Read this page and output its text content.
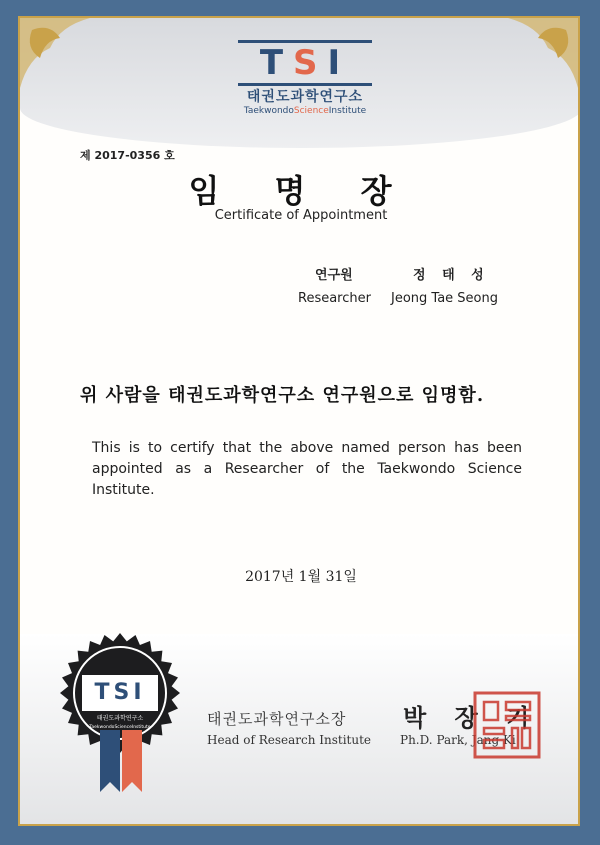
TSI
태권도과학연구소
TaekwondoScienceInstitute
제 2017-0356 호
임 명 장
Certificate of Appointment
연구원	정 태 성
Researcher Jeong Tae Seong
위 사람을 태권도과학연구소 연구원으로 임명함.
This is to certify that the above named person has been appointed as a Researcher of the Taekwondo Science Institute.
2017년 1월 31일
TSI
태권도과학연구소
TaekwondoScienceInstitute	태권도과학연구소장
Head of Research Institute
박 장 기
Ph.D. Park, Jang Ki
